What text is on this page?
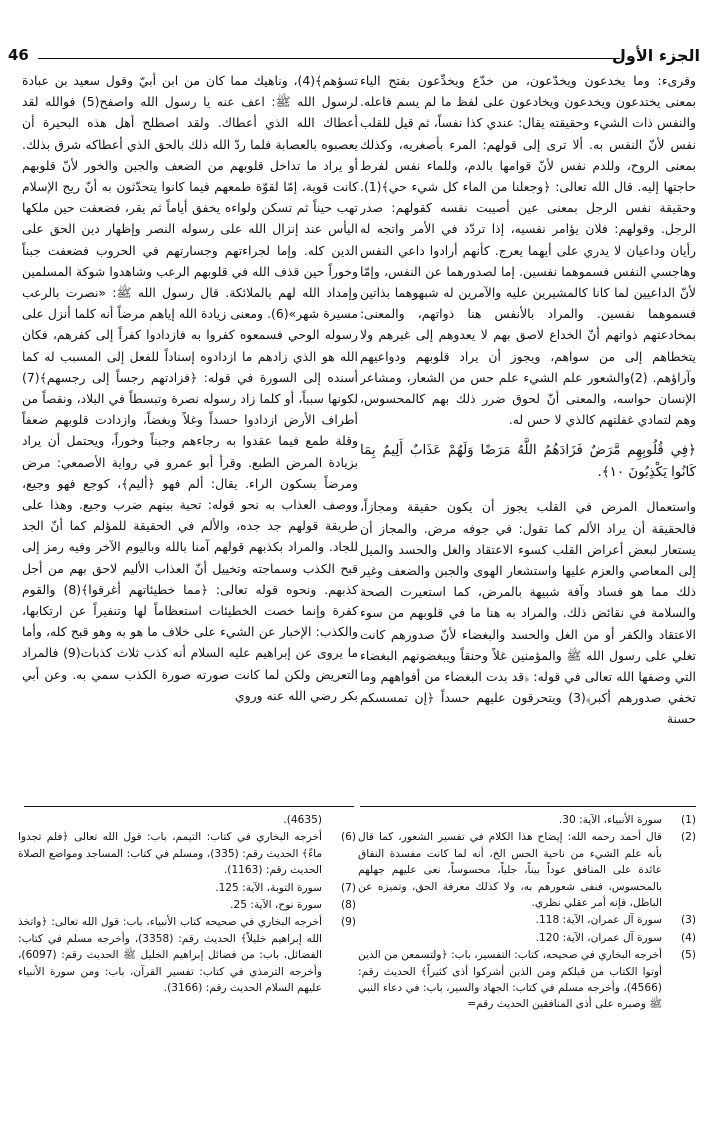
الجزء الأول
46

وقرىء: وما يخدعون ويخدّعون، من خدّع ويخدِّعون بفتح الياء بمعنى يختدعون ويخدعون ويخادعون على لفظ ما لم يسم فاعله. والنفس ذات الشيء وحقيقته يقال: عندي كذا نفساً، ثم قيل للقلب نفس لأنّ النفس به. ألا ترى إلى قولهم: المرء بأصغريه، وكذلك بمعنى الروح، وللدم نفس لأنّ قوامها بالدم، وللماء نفس لفرط حاجتها إليه. قال الله تعالى: ﴿وجعلنا من الماء كل شيء حي﴾(1). وحقيقة نفس الرجل بمعنى عين أصيبت نفسه كقولهم: صدر الرجل. وقولهم: فلان يؤامر نفسيه، إذا تردّد في الأمر واتجه له رأيان وداعيان لا يدري على أيهما يعرج. كأنهم أرادوا داعي النفس وهاجسي النفس فسموهما نفسين. إما لصدورهما عن النفس، وإمّا لأنّ الداعيين لما كانا كالمشيرين عليه والآمرين له شبهوهما بذاتين فسموهما نفسين. والمراد بالأنفس هنا ذواتهم، والمعنى: بمخادعتهم ذواتهم أنّ الخداع لاصق بهم لا يعدوهم إلى غيرهم ولا يتخطاهم إلى من سواهم، ويجوز أن يراد قلوبهم ودواعيهم وآراؤهم. (2)والشعور علم الشيء علم حس من الشعار، ومشاعر الإنسان حواسه، والمعنى أنّ لحوق ضرر ذلك بهم كالمحسوس، وهم لتمادي غفلتهم كالذي لا حس له.

﴿فِي قُلُوبِهِم مَّرَضٌ فَزَادَهُمُ اللَّهُ مَرَضًا وَلَهُمْ عَذَابٌ أَلِيمٌ بِمَا كَانُوا يَكْذِبُونَ ١٠﴾.

واستعمال المرض في القلب يجوز أن يكون حقيقة ومجازاً، فالحقيقة أن يراد الألم كما تقول: في جوفه مرض. والمجاز أن يستعار لبعض أعراض القلب كسوء الاعتقاد والغل والحسد والميل إلى المعاصي والعزم عليها واستشعار الهوى والجبن والضعف وغير ذلك مما هو فساد وآفة شبيهة بالمرض، كما استعيرت الصحة والسلامة في نقائض ذلك. والمراد به هنا ما في قلوبهم من سوء الاعتقاد والكفر أو من الغل والحسد والبغضاء لأنّ صدورهم كانت تغلي على رسول الله ﷺ والمؤمنين غلاً وحنقاً ويبغضونهم البغضاء التي وصفها الله تعالى في قوله: ﴿قد بدت البغضاء من أفواههم وما تخفي صدورهم أكبر﴾(3) ويتحرقون عليهم حسداً ﴿إن تمسسكم حسنة

تسؤهم﴾(4)، وناهيك مما كان من ابن أبيّ وقول سعيد بن عبادة لرسول الله ﷺ: اعف عنه يا رسول الله واصفح(5) فوالله لقد أعطاك الله الذي أعطاك. ولقد اصطلح أهل هذه البحيرة أن يعصبوه بالعصابة فلما ردّ الله ذلك بالحق الذي أعطاكه شرق بذلك. أو يراد ما تداخل قلوبهم من الضعف والجبن والخور لأنّ قلوبهم كانت قوية، إمّا لقوّة طمعهم فيما كانوا يتحدّثون به أنّ ريح الإسلام تهب حيناً ثم تسكن ولواءه يخفق أياماً ثم يقر، فضعفت حين ملكها اليأس عند إنزال الله على رسوله النصر وإظهار دين الحق على الدين كله. وإما لجراءتهم وجسارتهم في الحروب فضعفت جبناً وخوراً حين قذف الله في قلوبهم الرعب وشاهدوا شوكة المسلمين وإمداد الله لهم بالملائكة. قال رسول الله ﷺ: «نصرت بالرعب مسيرة شهر»(6). ومعنى زيادة الله إياهم مرضاً أنه كلما أنزل على رسوله الوحي فسمعوه كفروا به فازدادوا كفراً إلى كفرهم، فكان الله هو الذي زادهم ما ازدادوه إسناداً للفعل إلى المسبب له كما أسنده إلى السورة في قوله: ﴿فزادتهم رجساً إلى رجسهم﴾(7) لكونها سبباً، أو كلما زاد رسوله نصرة وتبسطاً في البلاد، ونقصاً من أطراف الأرض ازدادوا حسداً وغلاً وبغضاً، وازدادت قلوبهم ضعفاً وقلة طمع فيما عقدوا به رجاءهم وجبناً وخوراً، ويحتمل أن يراد بزيادة المرض الطبع. وقرأ أبو عمرو في رواية الأصمعي: مرض ومرضاً بسكون الراء. يقال: ألم فهو ﴿أليم﴾، كوجع فهو وجيع، ووصف العذاب به نحو قوله: تحية بينهم ضرب وجيع. وهذا على طريقة قولهم جد جده، والألم في الحقيقة للمؤلم كما أنّ الجد للجاد. والمراد بكذبهم قولهم آمنا بالله وباليوم الآخر وفيه رمز إلى قبح الكذب وسماجته وتخييل أنّ العذاب الأليم لاحق بهم من أجل كذبهم. ونحوه قوله تعالى: ﴿مما خطيئاتهم أغرقوا﴾(8) والقوم كفرة وإنما خصت الخطيئات استعظاماً لها وتنفيراً عن ارتكابها، والكذب: الإخبار عن الشيء على خلاف ما هو به وهو قبح كله، وأما ما يروى عن إبراهيم عليه السلام أنه كذب ثلاث كذبات(9) فالمراد التعريض ولكن لما كانت صورته صورة الكذب سمي به. وعن أبي بكر رضي الله عنه وروي

(1)
سورة الأنبياء، الآية: 30.
(2)
قال أحمد رحمه الله: إيضاح هذا الكلام في تفسير الشعور، كما قال بأنه علم الشيء من ناحية الحس الخ، أنه لما كانت مفسدة النفاق عائدة على المنافق عوداً بيناً، جلياً، محسوساً، نعى عليهم جهلهم بالمحسوس، فنفى شعورهم به، ولا كذلك معرفة الحق، وتميزه عن الباطل، فإنه أمر عقلي نظري.
(3)
سورة آل عمران، الآية: 118.
(4)
سورة آل عمران، الآية: 120.
(5)
أخرجه البخاري في صحيحه، كتاب: التفسير، باب: ﴿ولتسمعن من الذين أوتوا الكتاب من قبلكم ومن الذين أشركوا أذى كثيراً﴾ الحديث رقم: (4566)، وأخرجه مسلم في كتاب: الجهاد والسير، باب: في دعاء النبي ﷺ وصبره على أذى المنافقين الحديث رقم=
(4635).
(6)
أخرجه البخاري في كتاب: التيمم، باب: قول الله تعالى ﴿فلم تجدوا ماءً﴾ الحديث رقم: (335)، ومسلم في كتاب: المساجد ومواضع الصلاة الحديث رقم: (1163).
(7)
سورة التوبة، الآية: 125.
(8)
سورة نوح، الآية: 25.
(9)
أخرجه البخاري في صحيحه كتاب الأنبياء، باب: قول الله تعالى: ﴿واتخذ الله إبراهيم خليلاً﴾ الحديث رقم: (3358)، وأخرجه مسلم في كتاب: الفضائل، باب: من فضائل إبراهيم الخليل ﷺ الحديث رقم: (6097)، وأخرجه الترمذي في كتاب: تفسير القرآن، باب: ومن سورة الأنبياء عليهم السلام الحديث رقم: (3166).
